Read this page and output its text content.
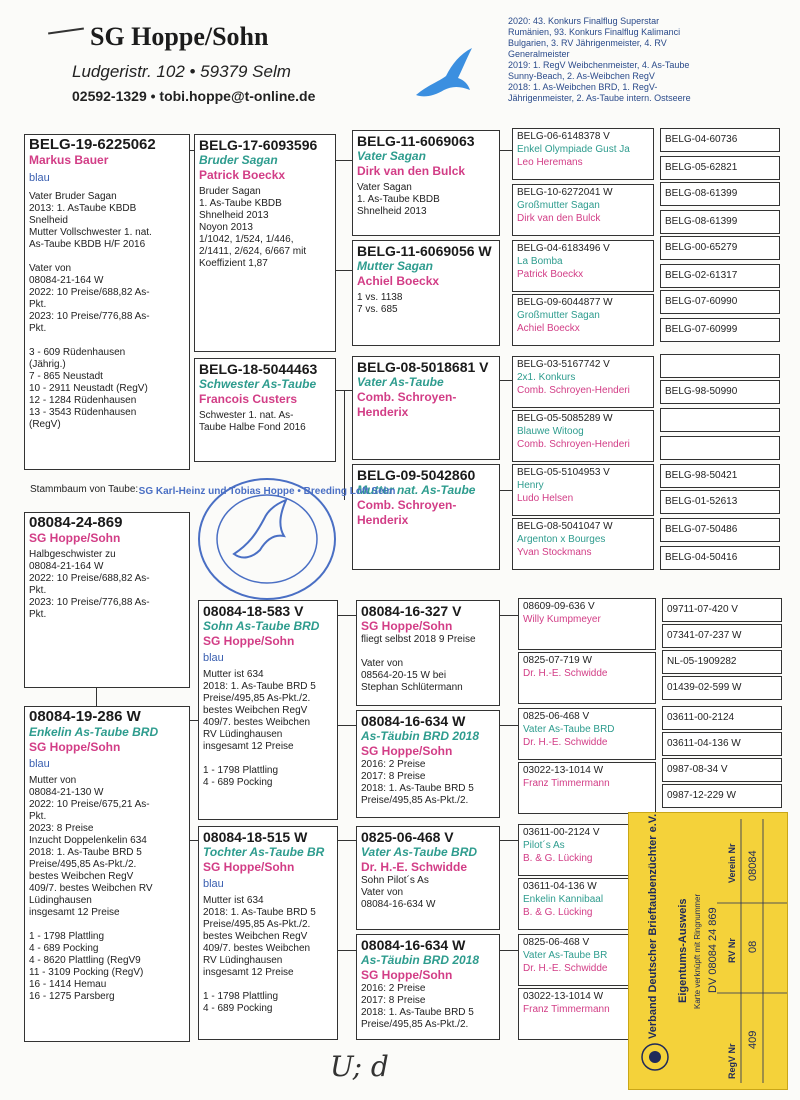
SG Hoppe/Sohn
Ludgeristr. 102 • 59379 Selm
02592-1329 • tobi.hoppe@t-online.de
2020: 43. Konkurs Finalflug Superstar
Rumänien, 93. Konkurs Finalflug Kalimanci
Bulgarien, 3. RV Jährigenmeister, 4. RV
Generalmeister
2019: 1. RegV Weibchenmeister, 4. As-Taube
Sunny-Beach, 2. As-Weibchen RegV
2018: 1. As-Weibchen BRD, 1. RegV-
Jährigenmeister, 2. As-Taube intern. Ostseere
BELG-19-6225062
Markus Bauer
blau
Vater Bruder Sagan
2013: 1. AsTaube KBDB
Snelheid
Mutter Vollschwester 1. nat.
As-Taube KBDB H/F 2016

Vater von
08084-21-164 W
2022: 10 Preise/688,82 As-
Pkt.
2023: 10 Preise/776,88 As-
Pkt.

3 - 609 Rüdenhausen
(Jährig.)
7 - 865 Neustadt
10 - 2911 Neustadt (RegV)
12 - 1284 Rüdenhausen
13 - 3543 Rüdenhausen
(RegV)
Stammbaum von Taube:
BELG-17-6093596
Bruder Sagan
Patrick Boeckx
Bruder Sagan
1. As-Taube KBDB
Shnelheid 2013
Noyon 2013
1/1042, 1/524, 1/446,
2/1411, 2/624, 6/667 mit
Koeffizient 1,87
BELG-18-5044463
Schwester As-Taube
Francois Custers
Schwester 1. nat. As-
Taube Halbe Fond 2016
BELG-11-6069063
Vater Sagan
Dirk van den Bulck
Vater Sagan
1. As-Taube KBDB
Shnelheid 2013
BELG-11-6069056 W
Mutter Sagan
Achiel Boeckx
1 vs. 1138
7 vs. 685
BELG-08-5018681 V
Vater As-Taube
Comb. Schroyen-Henderix
BELG-09-5042860
Mutter nat. As-Taube
Comb. Schroyen-Henderix
BELG-06-6148378 V
Enkel Olympiade Gust Ja
Leo Heremans
BELG-10-6272041 W
Großmutter Sagan
Dirk van den Bulck
BELG-04-6183496 V
La Bomba
Patrick Boeckx
BELG-09-6044877 W
Großmutter Sagan
Achiel Boeckx
BELG-03-5167742 V
2x1. Konkurs
Comb. Schroyen-Henderi
BELG-05-5085289 W
Blauwe Witoog
Comb. Schroyen-Henderi
BELG-05-5104953 V
Henry
Ludo Helsen
BELG-08-5041047 W
Argenton x Bourges
Yvan Stockmans
BELG-04-60736
BELG-05-62821
BELG-08-61399
BELG-08-61399
BELG-00-65279
BELG-02-61317
BELG-07-60990
BELG-07-60999
BELG-98-50990
BELG-98-50421
BELG-01-52613
BELG-07-50486
BELG-04-50416
SG Karl-Heinz und Tobias Hoppe • Breeding Loft Selm
08084-24-869
SG Hoppe/Sohn
Halbgeschwister zu
08084-21-164 W
2022: 10 Preise/688,82 As-
Pkt.
2023: 10 Preise/776,88 As-
Pkt.
08084-19-286 W
Enkelin As-Taube BRD
SG Hoppe/Sohn
blau
Mutter von
08084-21-130 W
2022: 10 Preise/675,21 As-
Pkt.
2023: 8 Preise
Inzucht Doppelenkelin 634
2018: 1. As-Taube BRD 5
Preise/495,85 As-Pkt./2.
bestes Weibchen RegV
409/7. bestes Weibchen RV
Lüdinghausen
insgesamt 12 Preise

1 - 1798 Plattling
4 - 689 Pocking
4 - 8620 Plattling (RegV9
11 - 3109 Pocking (RegV)
16 - 1414 Hemau
16 - 1275 Parsberg
08084-18-583 V
Sohn As-Taube BRD
SG Hoppe/Sohn
blau
Mutter ist 634
2018: 1. As-Taube BRD 5
Preise/495,85 As-Pkt./2.
bestes Weibchen RegV
409/7. bestes Weibchen
RV Lüdinghausen
insgesamt 12 Preise

1 - 1798 Plattling
4 - 689 Pocking
08084-18-515 W
Tochter As-Taube BR
SG Hoppe/Sohn
blau
Mutter ist 634
2018: 1. As-Taube BRD 5
Preise/495,85 As-Pkt./2.
bestes Weibchen RegV
409/7. bestes Weibchen
RV Lüdinghausen
insgesamt 12 Preise

1 - 1798 Plattling
4 - 689 Pocking
08084-16-327 V
SG Hoppe/Sohn
fliegt selbst 2018 9 Preise

Vater von
08564-20-15 W bei
Stephan Schlütermann
08084-16-634 W
As-Täubin BRD 2018
SG Hoppe/Sohn
2016: 2 Preise
2017: 8 Preise
2018: 1. As-Taube BRD 5
Preise/495,85 As-Pkt./2.
0825-06-468 V
Vater As-Taube BRD
Dr. H.-E. Schwidde
Sohn Pilot´s As
Vater von
08084-16-634 W
08084-16-634 W
As-Täubin BRD 2018
SG Hoppe/Sohn
2016: 2 Preise
2017: 8 Preise
2018: 1. As-Taube BRD 5
Preise/495,85 As-Pkt./2.
08609-09-636 V
Willy Kumpmeyer
0825-07-719 W
Dr. H.-E. Schwidde
0825-06-468 V
Vater As-Taube BRD
Dr. H.-E. Schwidde
03022-13-1014 W
Franz Timmermann
03611-00-2124 V
Pilot´s As
B. & G. Lücking
03611-04-136 W
Enkelin Kannibaal
B. & G. Lücking
0825-06-468 V
Vater As-Taube BR
Dr. H.-E. Schwidde
03022-13-1014 W
Franz Timmermann
09711-07-420 V
07341-07-237 W
NL-05-1909282
01439-02-599 W
03611-00-2124
03611-04-136 W
0987-08-34 V
0987-12-229 W
Verband Deutscher Brieftaubenzüchter e.V. Eigentums-Ausweis Karte verknüpft mit Ringnummer DV 08084 24 869
RegV Nr
409
RV Nr 08
Verein Nr 08084
U; d
